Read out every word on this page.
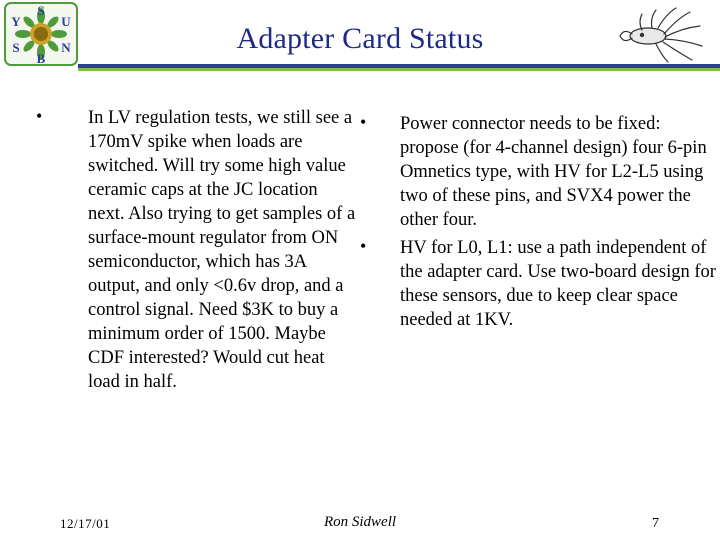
S
U
N
Y
S
B
Adapter Card Status
• In LV regulation tests, we still see a 170mV spike when loads are switched. Will try some high value ceramic caps at the JC location next. Also trying to get samples of a surface-mount regulator from ON semiconductor, which has 3A output, and only <0.6v drop, and a control signal. Need $3K to buy a minimum order of 1500. Maybe CDF interested? Would cut heat load in half.
• Power connector needs to be fixed: propose (for 4-channel design) four 6-pin Omnetics type, with HV for L2-L5 using two of these pins, and SVX4 power the other four.
• HV for L0, L1: use a path independent of the adapter card. Use two-board design for these sensors, due to keep clear space needed at 1KV.
12/17/01	Ron Sidwell	7
